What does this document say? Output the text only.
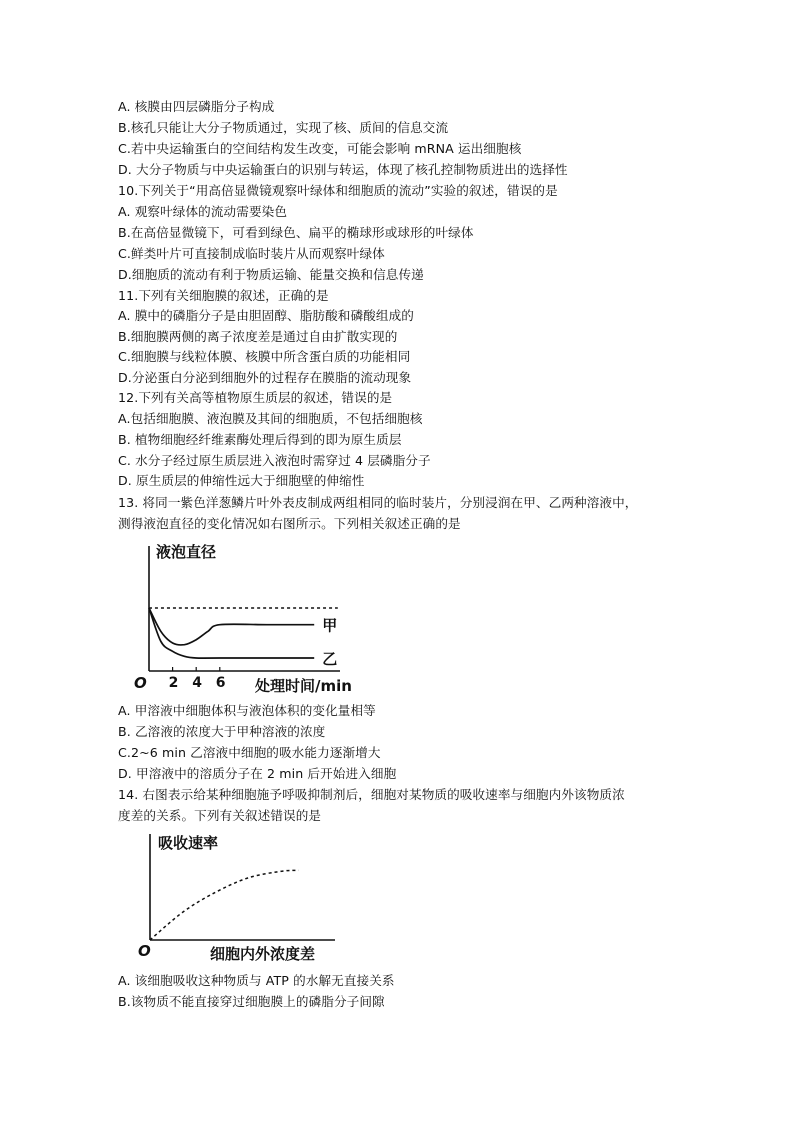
A. 核膜由四层磷脂分子构成
B.核孔只能让大分子物质通过，实现了核、质间的信息交流
C.若中央运输蛋白的空间结构发生改变，可能会影响 mRNA 运出细胞核
D. 大分子物质与中央运输蛋白的识别与转运，体现了核孔控制物质进出的选择性
10.下列关于“用高倍显微镜观察叶绿体和细胞质的流动”实验的叙述，错误的是
A. 观察叶绿体的流动需要染色
B.在高倍显微镜下，可看到绿色、扁平的椭球形或球形的叶绿体
C.鲜类叶片可直接制成临时装片从而观察叶绿体
D.细胞质的流动有利于物质运输、能量交换和信息传递
11.下列有关细胞膜的叙述，正确的是
A. 膜中的磷脂分子是由胆固醇、脂肪酸和磷酸组成的
B.细胞膜两侧的离子浓度差是通过自由扩散实现的
C.细胞膜与线粒体膜、核膜中所含蛋白质的功能相同
D.分泌蛋白分泌到细胞外的过程存在膜脂的流动现象
12.下列有关高等植物原生质层的叙述，错误的是
A.包括细胞膜、液泡膜及其间的细胞质，不包括细胞核
B. 植物细胞经纤维素酶处理后得到的即为原生质层
C. 水分子经过原生质层进入液泡时需穿过 4 层磷脂分子
D. 原生质层的伸缩性远大于细胞壁的伸缩性
13. 将同一紫色洋葱鳞片叶外表皮制成两组相同的临时装片，分别浸润在甲、乙两种溶液中，
测得液泡直径的变化情况如右图所示。下列相关叙述正确的是
液泡直径
O	处理时间/min
2 4 6
甲
乙
A. 甲溶液中细胞体积与液泡体积的变化量相等
B. 乙溶液的浓度大于甲种溶液的浓度
C.2~6 min 乙溶液中细胞的吸水能力逐渐增大
D. 甲溶液中的溶质分子在 2 min 后开始进入细胞
14. 右图表示给某种细胞施予呼吸抑制剂后，细胞对某物质的吸收速率与细胞内外该物质浓
度差的关系。下列有关叙述错误的是
吸收速率
O	细胞内外浓度差
A. 该细胞吸收这种物质与 ATP 的水解无直接关系
B.该物质不能直接穿过细胞膜上的磷脂分子间隙
